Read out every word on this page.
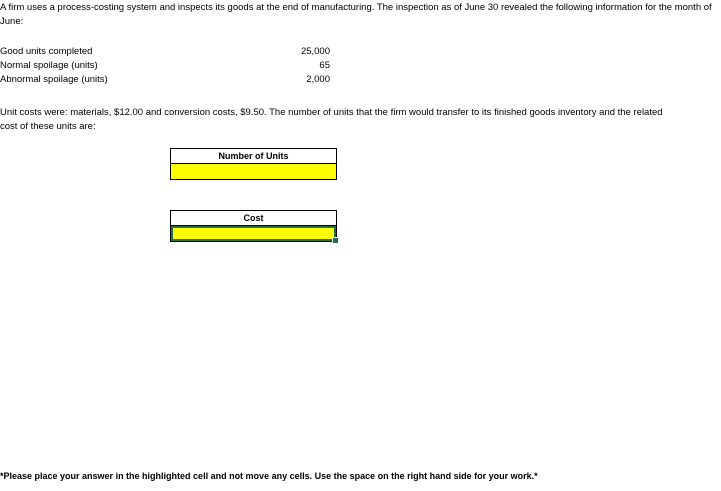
A firm uses a process-costing system and inspects its goods at the end of manufacturing. The inspection as of June 30 revealed the following information for the month of June:
Good units completed	25,000
Normal spoilage (units)	65
Abnormal spoilage (units)	2,000
Unit costs were: materials, $12.00 and conversion costs, $9.50. The number of units that the firm would transfer to its finished goods inventory and the related cost of these units are:
Number of Units
Cost
*Please place your answer in the highlighted cell and not move any cells. Use the space on the right hand side for your work.*
